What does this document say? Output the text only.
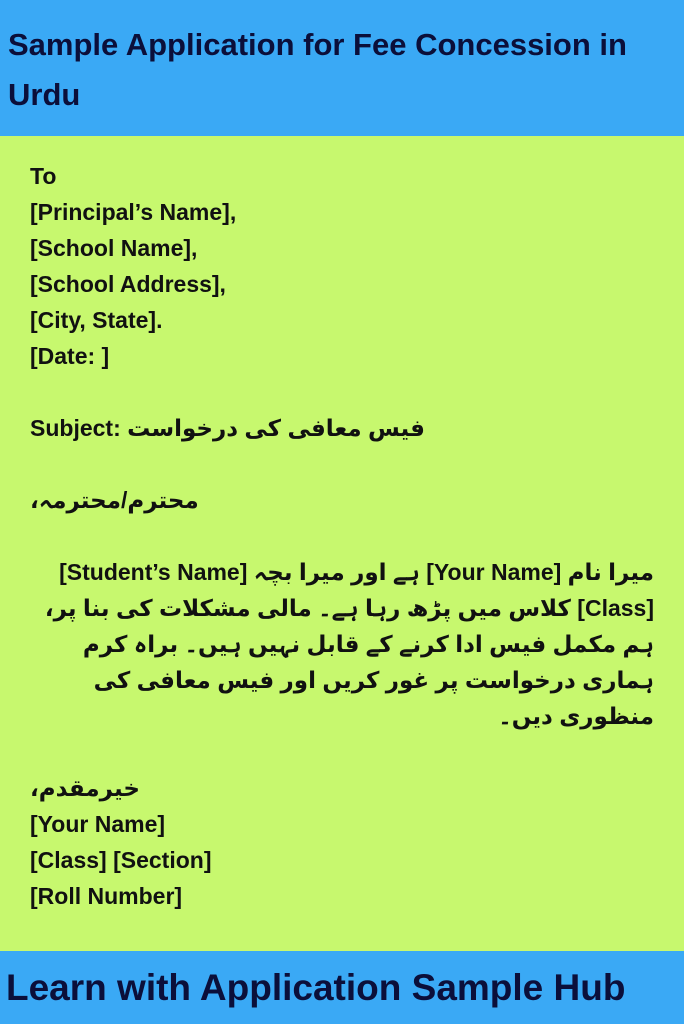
Sample Application for Fee Concession in Urdu
To
[Principal’s Name],
[School Name],
[School Address],
[City, State].
[Date: ]
Subject: فیس معافی کی درخواست
محترم/محترمہ،

میرا نام [Your Name] ہے اور میرا بچہ [Student’s Name] [Class] کلاس میں پڑھ رہا ہے۔ مالی مشکلات کی بنا پر، ہم مکمل فیس ادا کرنے کے قابل نہیں ہیں۔ براہ کرم ہماری درخواست پر غور کریں اور فیس معافی کی منظوری دیں۔

خیرمقدم،
[Your Name]
[Class] [Section]
[Roll Number]

Learn with Application Sample Hub
